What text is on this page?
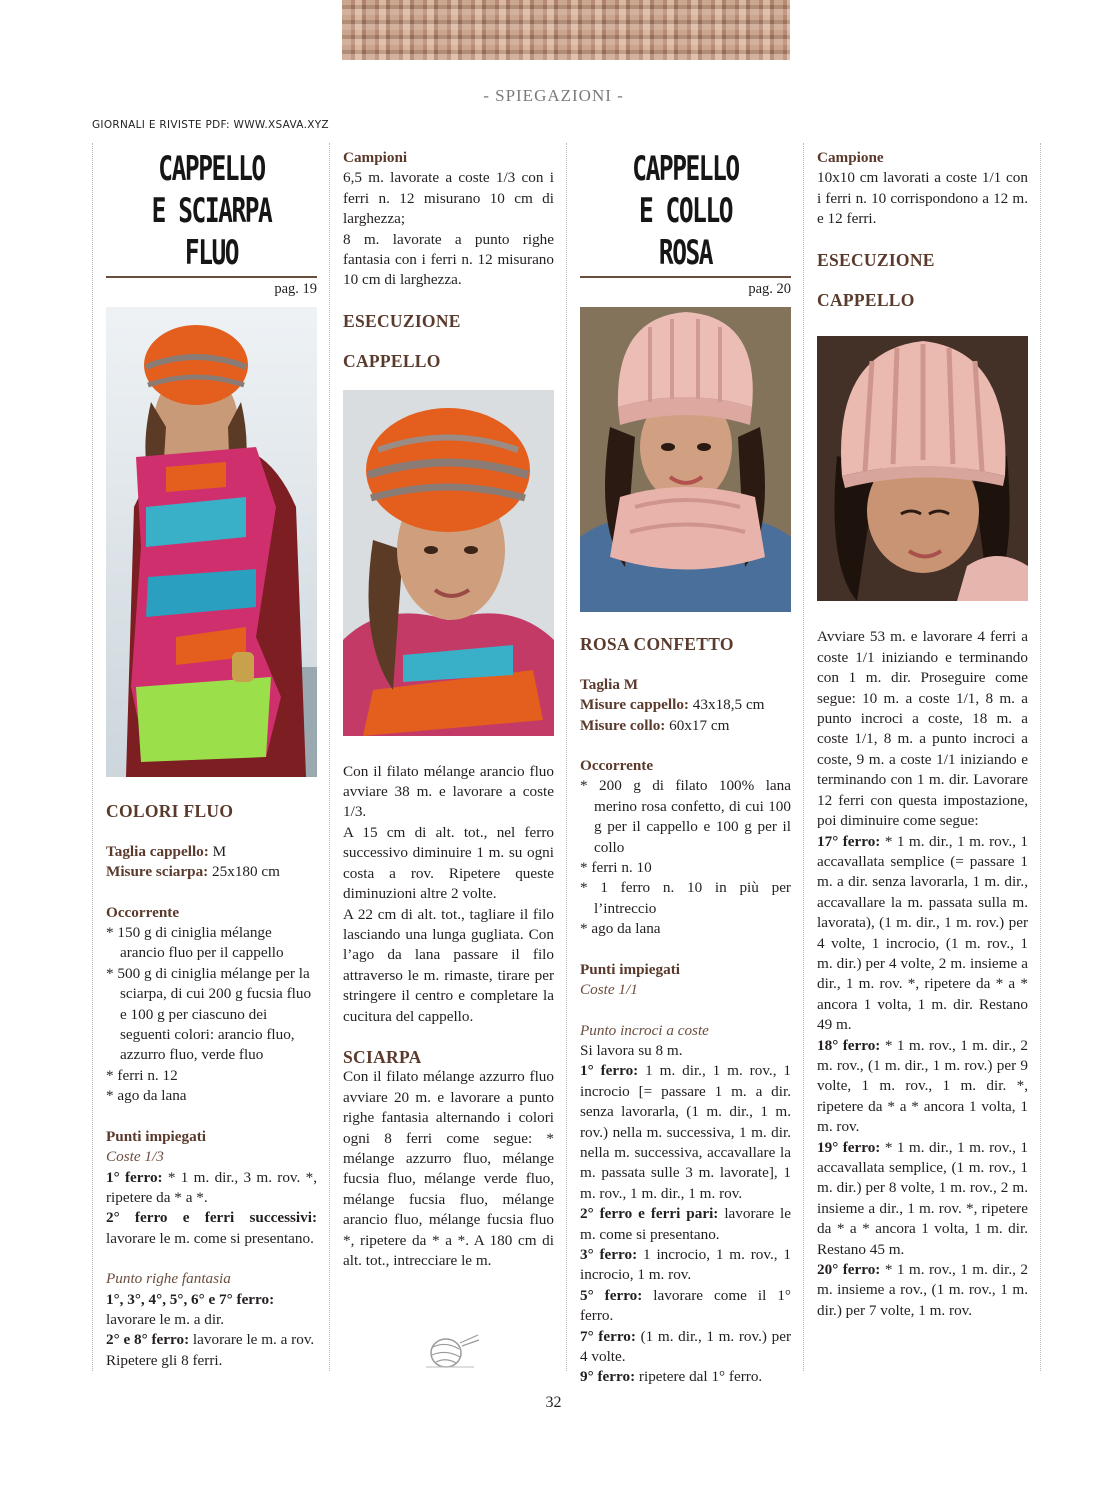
- SPIEGAZIONI -
GIORNALI E RIVISTE PDF: WWW.XSAVA.XYZ
CAPPELLO
E SCIARPA FLUO
pag. 19

COLORI FLUO

Taglia cappello: M

Misure sciarpa: 25x180 cm

Occorrente

* 150 g di ciniglia mélange arancio fluo per il cappello

* 500 g di ciniglia mélange per la sciarpa, di cui 200 g fucsia fluo e 100 g per ciascuno dei seguenti colori: arancio fluo, azzurro fluo, verde fluo

* ferri n. 12

* ago da lana

Punti impiegati

Coste 1/3

1° ferro: * 1 m. dir., 3 m. rov. *, ripetere da * a *.

2° ferro e ferri successivi: lavorare le m. come si presentano.

Punto righe fantasia

1°, 3°, 4°, 5°, 6° e 7° ferro: lavorare le m. a dir.

2° e 8° ferro: lavorare le m. a rov.

Ripetere gli 8 ferri.

Campioni

6,5 m. lavorate a coste 1/3 con i ferri n. 12 misurano 10 cm di larghezza;

8 m. lavorate a punto righe fantasia con i ferri n. 12 misurano 10 cm di larghezza.

ESECUZIONE

CAPPELLO

Con il filato mélange arancio fluo avviare 38 m. e lavorare a coste 1/3.

A 15 cm di alt. tot., nel ferro successivo diminuire 1 m. su ogni costa a rov. Ripetere queste diminuzioni altre 2 volte.

A 22 cm di alt. tot., tagliare il filo lasciando una lunga gugliata. Con l’ago da lana passare il filo attraverso le m. rimaste, tirare per stringere il centro e completare la cucitura del cappello.

SCIARPA

Con il filato mélange azzurro fluo avviare 20 m. e lavorare a punto righe fantasia alternando i colori ogni 8 ferri come segue: * mélange azzurro fluo, mélange fucsia fluo, mélange verde fluo, mélange fucsia fluo, mélange arancio fluo, mélange fucsia fluo *, ripetere da * a *. A 180 cm di alt. tot., intrecciare le m.

CAPPELLO
E COLLO ROSA
pag. 20

ROSA CONFETTO

Taglia M

Misure cappello: 43x18,5 cm

Misure collo: 60x17 cm

Occorrente

* 200 g di filato 100% lana merino rosa confetto, di cui 100 g per il cappello e 100 g per il collo

* ferri n. 10

* 1 ferro n. 10 in più per l’intreccio

* ago da lana

Punti impiegati

Coste 1/1

Punto incroci a coste

Si lavora su 8 m.

1° ferro: 1 m. dir., 1 m. rov., 1 incrocio [= passare 1 m. a dir. senza lavorarla, (1 m. dir., 1 m. rov.) nella m. successiva, 1 m. dir. nella m. successiva, accavallare la m. passata sulle 3 m. lavorate], 1 m. rov., 1 m. dir., 1 m. rov.

2° ferro e ferri pari: lavorare le m. come si presentano.

3° ferro: 1 incrocio, 1 m. rov., 1 incrocio, 1 m. rov.

5° ferro: lavorare come il 1° ferro.

7° ferro: (1 m. dir., 1 m. rov.) per 4 volte.

9° ferro: ripetere dal 1° ferro.

Campione

10x10 cm lavorati a coste 1/1 con i ferri n. 10 corrispondono a 12 m. e 12 ferri.

ESECUZIONE

CAPPELLO

Avviare 53 m. e lavorare 4 ferri a coste 1/1 iniziando e terminando con 1 m. dir. Proseguire come segue: 10 m. a coste 1/1, 8 m. a punto incroci a coste, 18 m. a coste 1/1, 8 m. a punto incroci a coste, 9 m. a coste 1/1 iniziando e terminando con 1 m. dir. Lavorare 12 ferri con questa impostazione, poi diminuire come segue:

17° ferro: * 1 m. dir., 1 m. rov., 1 accavallata semplice (= passare 1 m. a dir. senza lavorarla, 1 m. dir., accavallare la m. passata sulla m. lavorata), (1 m. dir., 1 m. rov.) per 4 volte, 1 incrocio, (1 m. rov., 1 m. dir.) per 4 volte, 2 m. insieme a dir., 1 m. rov. *, ripetere da * a * ancora 1 volta, 1 m. dir. Restano 49 m.

18° ferro: * 1 m. rov., 1 m. dir., 2 m. rov., (1 m. dir., 1 m. rov.) per 9 volte, 1 m. rov., 1 m. dir. *, ripetere da * a * ancora 1 volta, 1 m. rov.

19° ferro: * 1 m. dir., 1 m. rov., 1 accavallata semplice, (1 m. rov., 1 m. dir.) per 8 volte, 1 m. rov., 2 m. insieme a dir., 1 m. rov. *, ripetere da * a * ancora 1 volta, 1 m. dir. Restano 45 m.

20° ferro: * 1 m. rov., 1 m. dir., 2 m. insieme a rov., (1 m. rov., 1 m. dir.) per 7 volte, 1 m. rov.

32
